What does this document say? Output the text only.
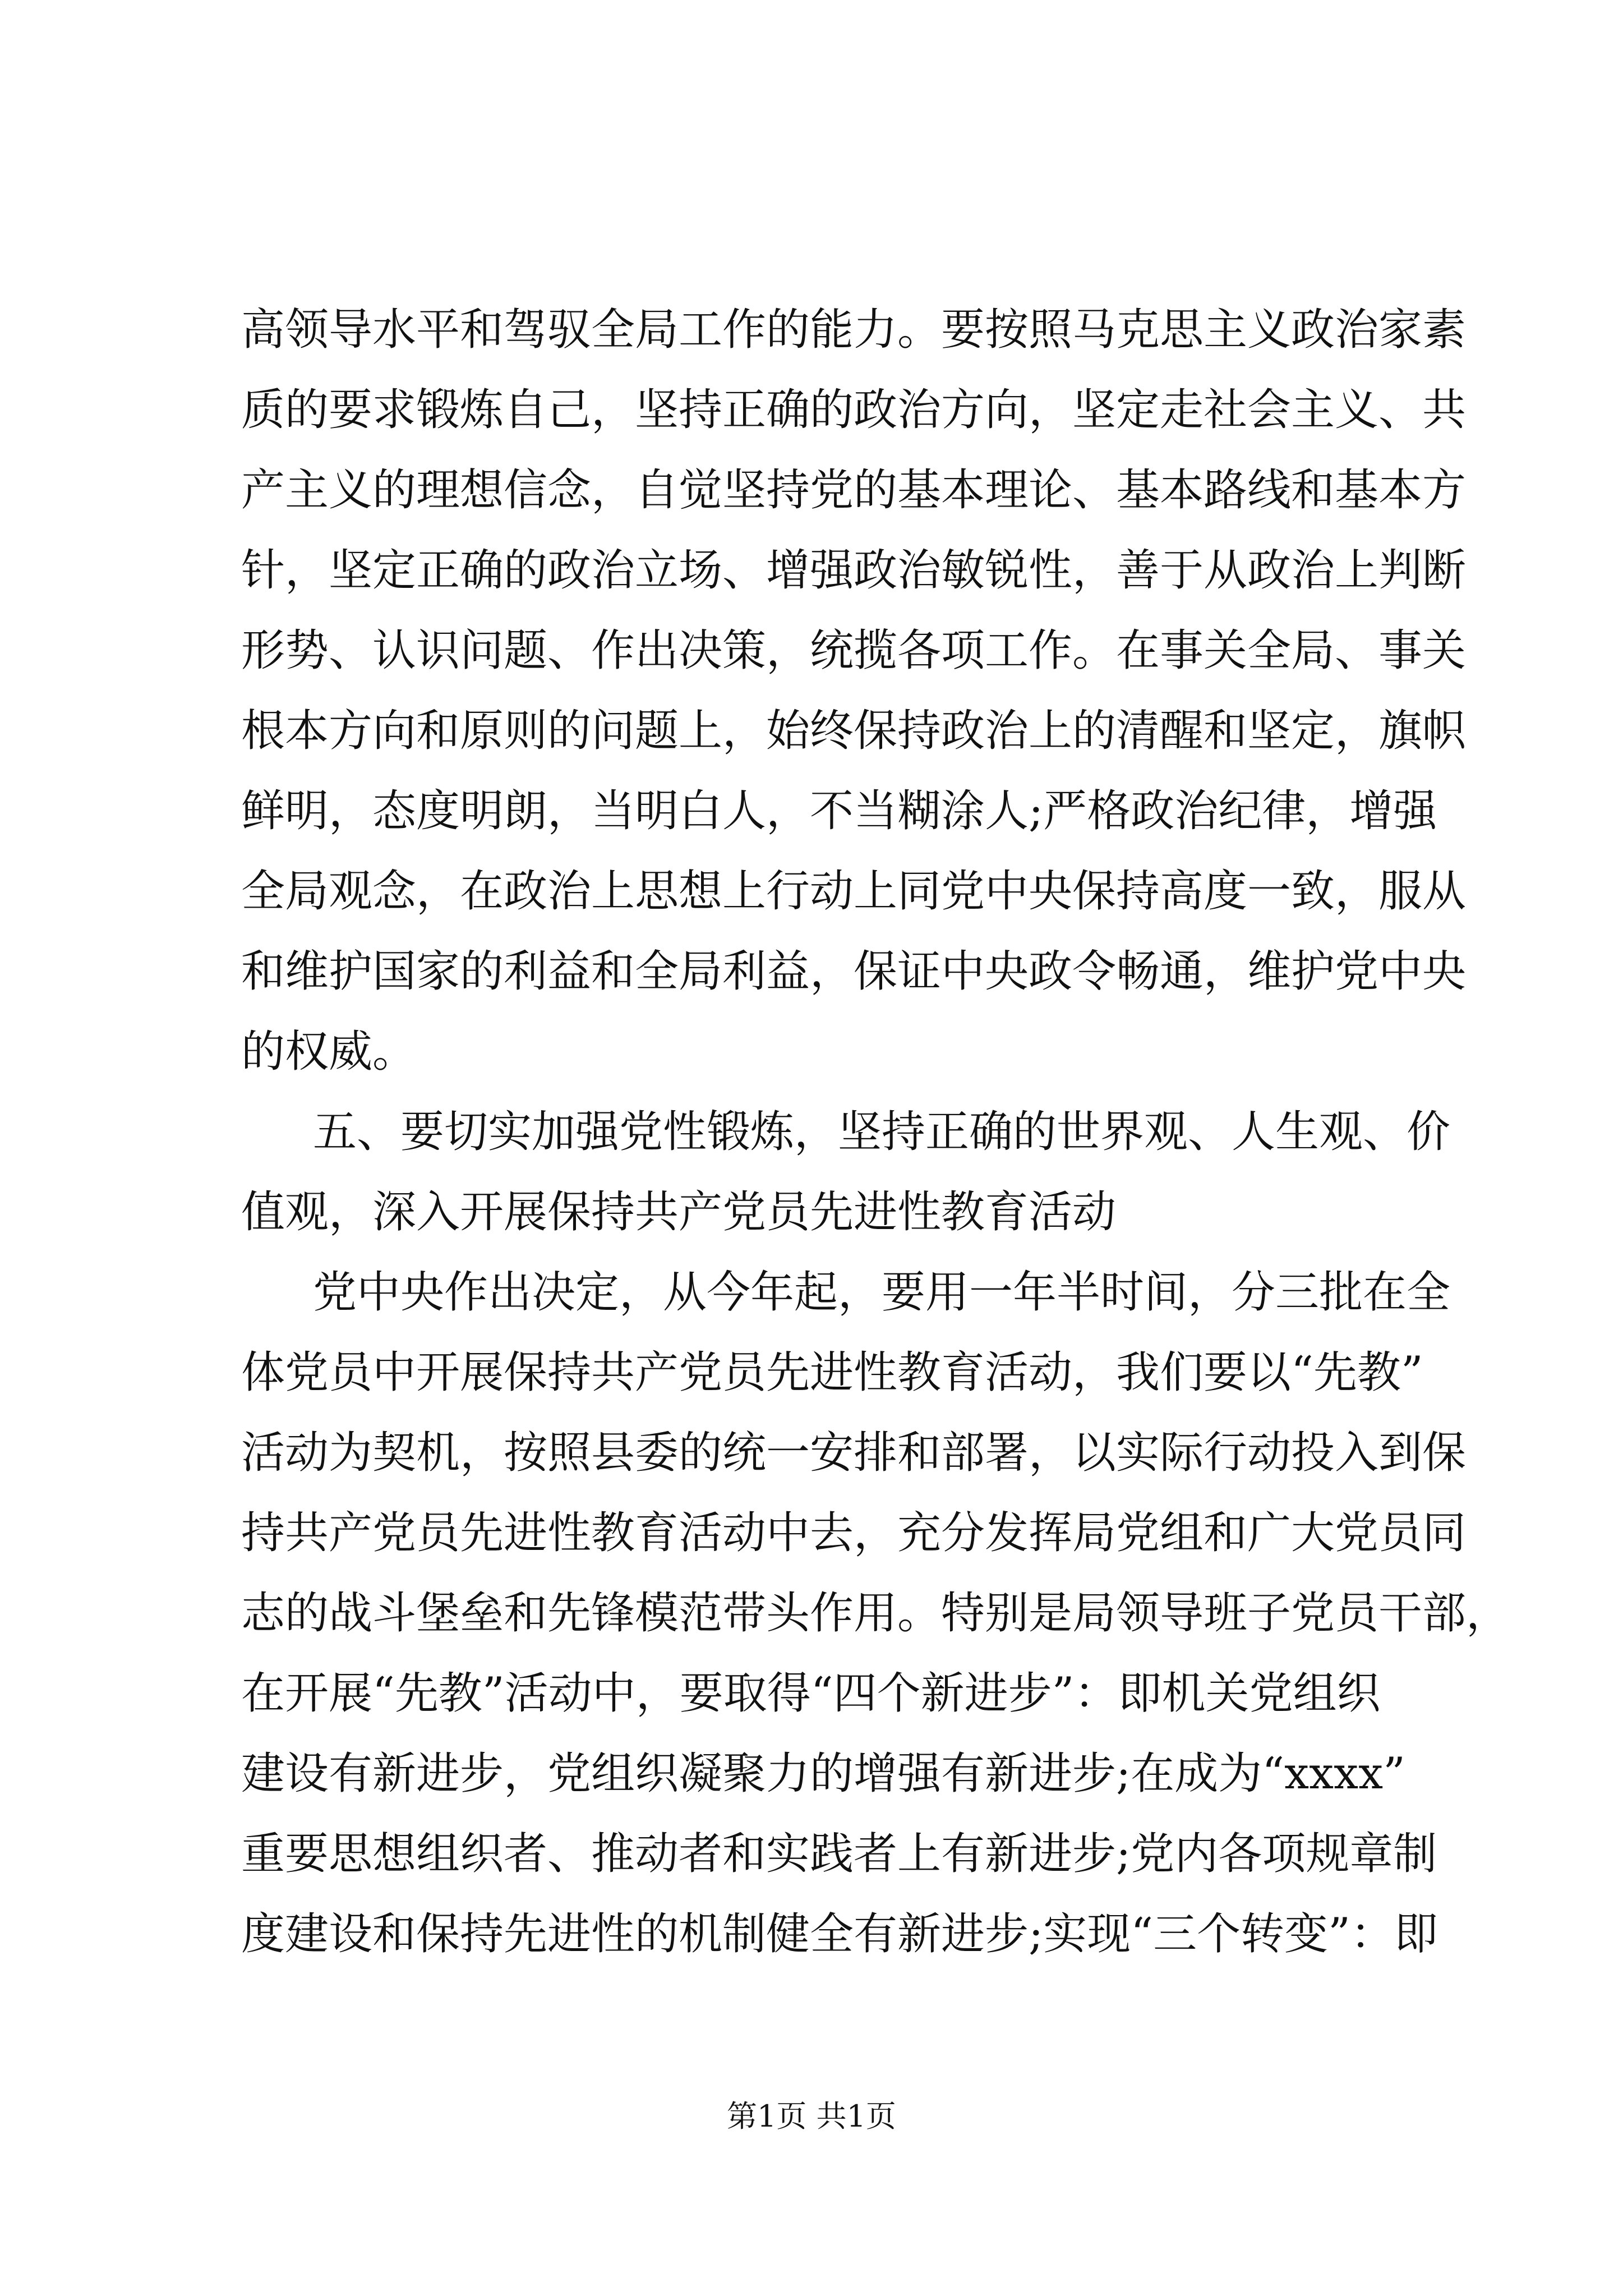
高领导水平和驾驭全局工作的能力。要按照马克思主义政治家素
质的要求锻炼自己，坚持正确的政治方向，坚定走社会主义、共
产主义的理想信念，自觉坚持党的基本理论、基本路线和基本方
针，坚定正确的政治立场、增强政治敏锐性，善于从政治上判断
形势、认识问题、作出决策，统揽各项工作。在事关全局、事关
根本方向和原则的问题上，始终保持政治上的清醒和坚定，旗帜
鲜明，态度明朗，当明白人，不当糊涂人;严格政治纪律，增强
全局观念，在政治上思想上行动上同党中央保持高度一致，服从
和维护国家的利益和全局利益，保证中央政令畅通，维护党中央
的权威。
五、要切实加强党性锻炼，坚持正确的世界观、人生观、价
值观，深入开展保持共产党员先进性教育活动
党中央作出决定，从今年起，要用一年半时间，分三批在全
体党员中开展保持共产党员先进性教育活动，我们要以“先教”
活动为契机，按照县委的统一安排和部署，以实际行动投入到保
持共产党员先进性教育活动中去，充分发挥局党组和广大党员同
志的战斗堡垒和先锋模范带头作用。特别是局领导班子党员干部，
在开展“先教”活动中，要取得“四个新进步”：即机关党组织
建设有新进步，党组织凝聚力的增强有新进步;在成为“xxxx”
重要思想组织者、推动者和实践者上有新进步;党内各项规章制
度建设和保持先进性的机制健全有新进步;实现“三个转变”：即
第1页 共1页
